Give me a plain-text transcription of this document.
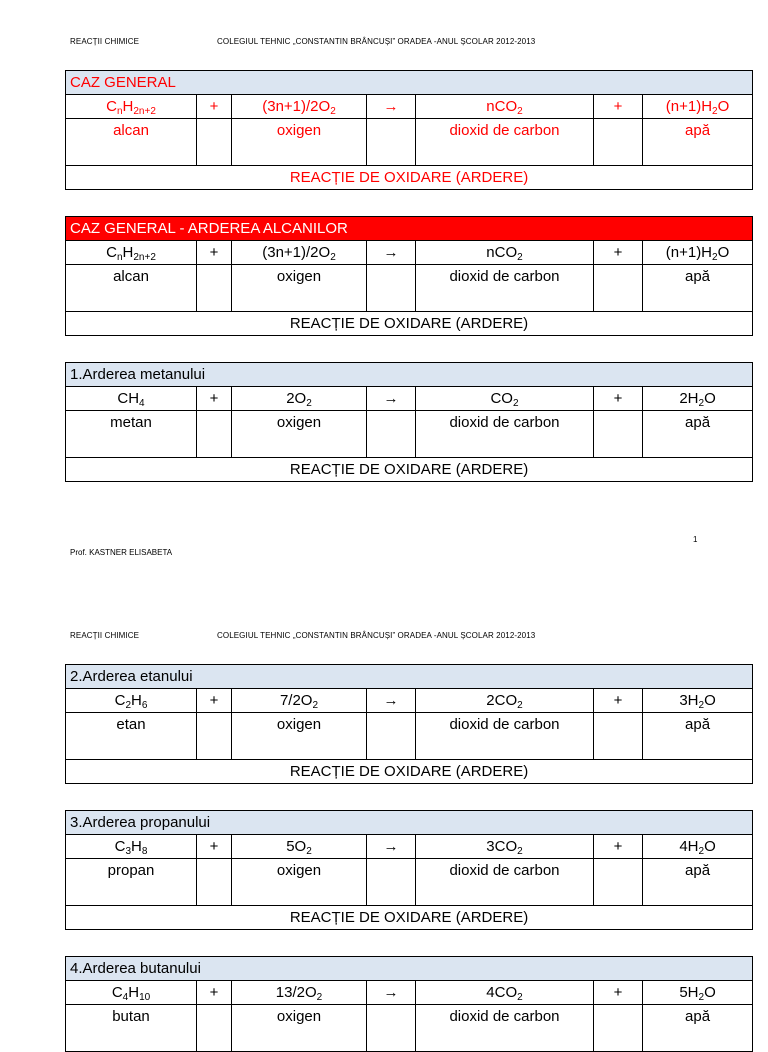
REACȚII CHIMICE	COLEGIUL TEHNIC „CONSTANTIN BRÂNCUȘI” ORADEA -ANUL ȘCOLAR 2012-2013
CAZ GENERAL						
$C_nH_{2n+2}$	+	$(3n+1)/2O_2$	→	nCO$_2$	+	$(n+1)H_2O$
alcan		oxigen		dioxid de carbon		apă
REACȚIE DE OXIDARE (ARDERE)						
CAZ GENERAL - ARDEREA ALCANILOR						
$C_nH_{2n+2}$	+	$(3n+1)/2O_2$	→	nCO$_2$	+	$(n+1)H_2O$
alcan		oxigen		dioxid de carbon		apă
REACȚIE DE OXIDARE (ARDERE)						
1.Arderea metanului						
$CH_4$	+	$2O_2$	→	$CO_2$	+	$2H_2O$
metan		oxigen		dioxid de carbon		apă
REACȚIE DE OXIDARE (ARDERE)						
1
Prof. KASTNER ELISABETA
REACȚII CHIMICE	COLEGIUL TEHNIC „CONSTANTIN BRÂNCUȘI” ORADEA -ANUL ȘCOLAR 2012-2013
2.Arderea etanului						
$C_2H_6$	+	$7/2O_2$	→	$2CO_2$	+	$3H_2O$
etan		oxigen		dioxid de carbon		apă
REACȚIE DE OXIDARE (ARDERE)						
3.Arderea propanului						
$C_3H_8$	+	$5O_2$	→	$3CO_2$	+	$4H_2O$
propan		oxigen		dioxid de carbon		apă
REACȚIE DE OXIDARE (ARDERE)						
4.Arderea butanului						
$C_4H_{10}$	+	$13/2O_2$	→	$4CO_2$	+	$5H_2O$
butan		oxigen		dioxid de carbon		apă
